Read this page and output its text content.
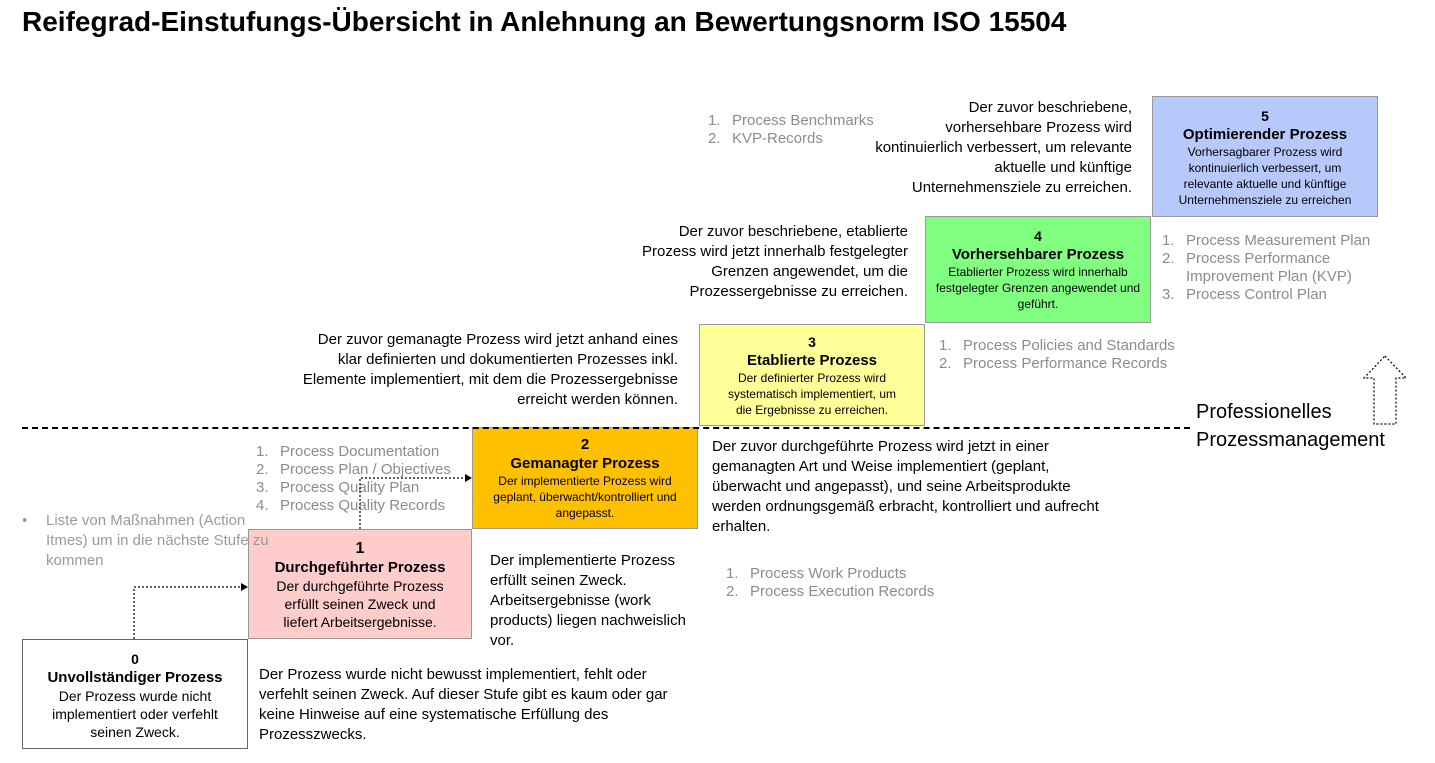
Reifegrad-Einstufungs-Übersicht in Anlehnung an Bewertungsnorm ISO 15504
0
Unvollständiger Prozess
Der Prozess wurde nicht implementiert oder verfehlt seinen Zweck.
1
Durchgeführter Prozess
Der durchgeführte Prozess erfüllt seinen Zweck und liefert Arbeitsergebnisse.
2
Gemanagter Prozess
Der implementierte Prozess wird geplant, überwacht/kontrolliert und angepasst.
3
Etablierte Prozess
Der definierter Prozess wird systematisch implementiert, um die Ergebnisse zu erreichen.
4
Vorhersehbarer Prozess
Etablierter Prozess wird innerhalb festgelegter Grenzen angewendet und geführt.
5
Optimierender Prozess
Vorhersagbarer Prozess wird kontinuierlich verbessert, um relevante aktuelle und künftige Unternehmensziele zu erreichen
Der Prozess wurde nicht bewusst implementiert, fehlt oder verfehlt seinen Zweck. Auf dieser Stufe gibt es kaum oder gar keine Hinweise auf eine systematische Erfüllung des Prozesszwecks.
Der implementierte Prozess erfüllt seinen Zweck. Arbeitsergebnisse (work products) liegen nachweislich vor.
Der zuvor durchgeführte Prozess wird jetzt in einer gemanagten Art und Weise implementiert (geplant, überwacht und angepasst), und seine Arbeitsprodukte werden ordnungsgemäß erbracht, kontrolliert und aufrecht erhalten.
Der zuvor gemanagte Prozess wird jetzt anhand eines klar definierten und dokumentierten Prozesses inkl. Elemente implementiert, mit dem die Prozessergebnisse erreicht werden können.
Der zuvor beschriebene, etablierte Prozess wird jetzt innerhalb festgelegter Grenzen angewendet, um die Prozessergebnisse zu erreichen.
Der zuvor beschriebene, vorhersehbare Prozess wird kontinuierlich verbessert, um relevante aktuelle und künftige Unternehmensziele zu erreichen.
• Liste von Maßnahmen (Action Itmes) um in die nächste Stufe zu kommen
1. Process Work Products
2. Process Execution Records
1. Process Documentation
2. Process Plan / Objectives
3. Process Quality Plan
4. Process Quality Records
1. Process Policies and Standards
2. Process Performance Records
1. Process Measurement Plan
2. Process Performance Improvement Plan (KVP)
3. Process Control Plan
1. Process Benchmarks
2. KVP-Records
Professionelles Prozessmanagement
